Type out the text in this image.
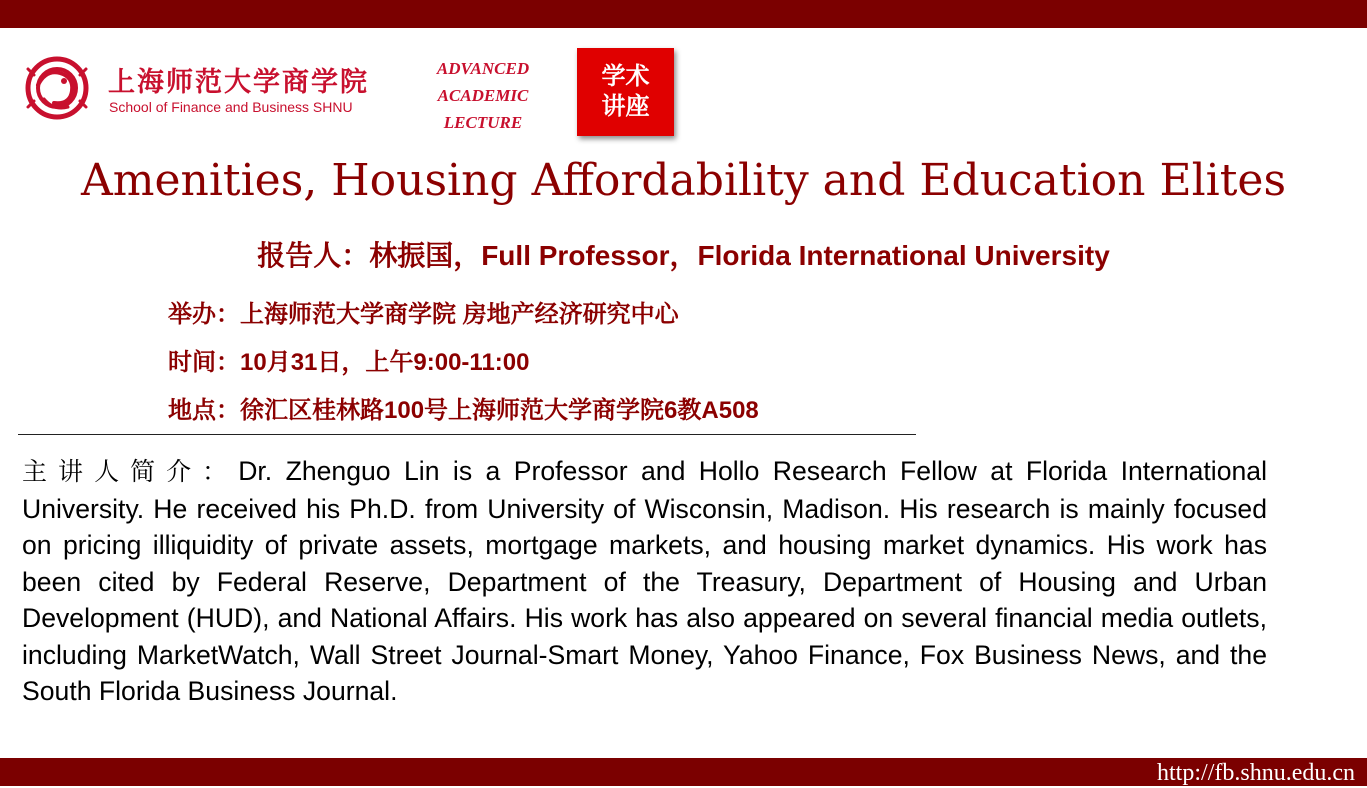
上海师范大学商学院
School of Finance and Business SHNU
ADVANCED
ACADEMIC
LECTURE
学术
讲座
Amenities, Housing Affordability and Education Elites
报告人：林振国，Full Professor，Florida International University
举办：上海师范大学商学院 房地产经济研究中心
时间：10月31日，上午9:00-11:00
地点：徐汇区桂林路100号上海师范大学商学院6教A508
主讲人简介：Dr. Zhenguo Lin is a Professor and Hollo Research Fellow at Florida International University. He received his Ph.D. from University of Wisconsin, Madison. His research is mainly focused on pricing illiquidity of private assets, mortgage markets, and housing market dynamics. His work has been cited by Federal Reserve, Department of the Treasury, Department of Housing and Urban Development (HUD), and National Affairs. His work has also appeared on several financial media outlets, including MarketWatch, Wall Street Journal-Smart Money, Yahoo Finance, Fox Business News, and the South Florida Business Journal.
http://fb.shnu.edu.cn
